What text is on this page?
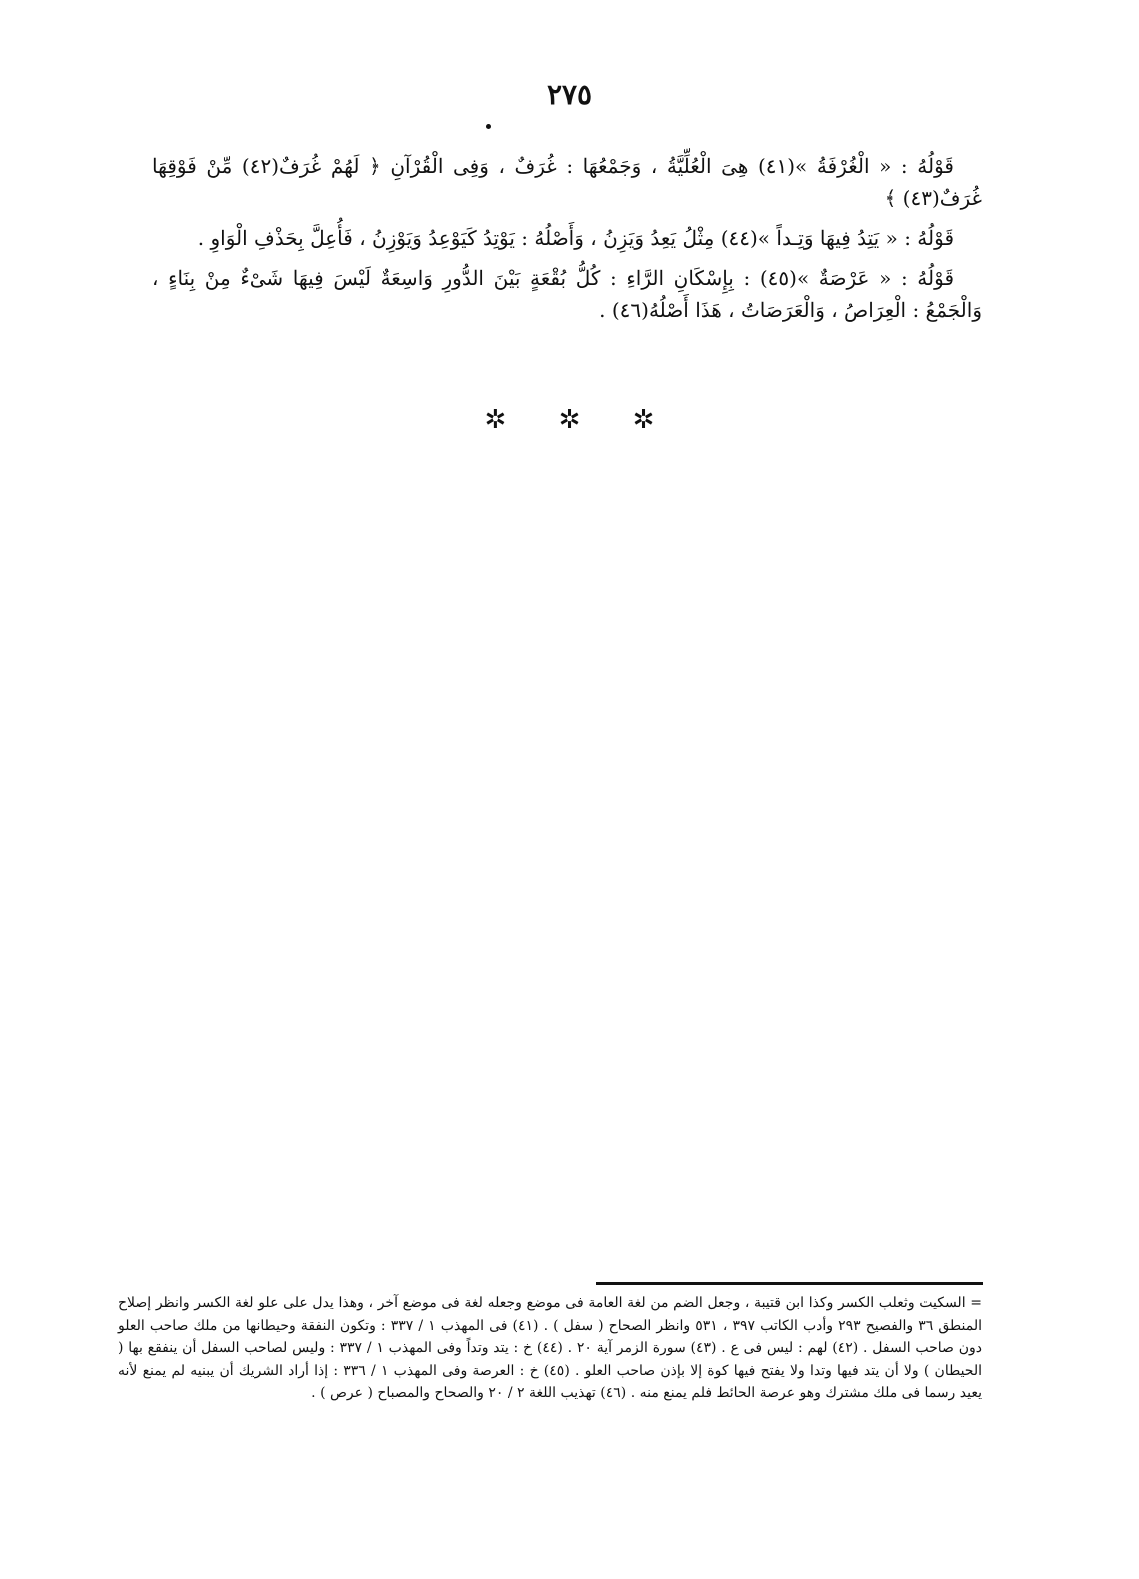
٢٧٥

قَوْلُهُ : « الْغُرْفَةُ »(٤١) هِىَ الْعُلِّيَّةُ ، وَجَمْعُهَا : غُرَفٌ ، وَفِى الْقُرْآنِ ﴿ لَهُمْ غُرَفٌ(٤٢) مِّنْ فَوْقِهَا غُرَفٌ(٤٣) ﴾

قَوْلُهُ : « يَتِدُ فِيهَا وَتِـداً »(٤٤) مِثْلُ يَعِدُ وَيَزِنُ ، وَأَصْلُهُ : يَوْتِدُ كَيَوْعِدُ وَيَوْزِنُ ، فَأُعِلَّ بِحَذْفِ الْوَاوِ .

قَوْلُهُ : « عَرْصَةٌ »(٤٥) : بِإِسْكَانِ الرَّاءِ : كُلُّ بُقْعَةٍ بَيْنَ الدُّورِ وَاسِعَةٌ لَيْسَ فِيهَا شَىْءٌ مِنْ بِنَاءٍ ، وَالْجَمْعُ : الْعِرَاصُ ، وَالْعَرَصَاتُ ، هَذَا أَصْلُهُ(٤٦) .

✲ ✲ ✲

= السكيت وثعلب الكسر وكذا ابن قتيبة ، وجعل الضم من لغة العامة فى موضع وجعله لغة فى موضع آخر ، وهذا يدل على علو لغة الكسر وانظر إصلاح المنطق ٣٦ والفصيح ٢٩٣ وأدب الكاتب ٣٩٧ ، ٥٣١ وانظر الصحاح ( سفل ) . (٤١) فى المهذب ١ / ٣٣٧ : وتكون النفقة وحيطانها من ملك صاحب العلو دون صاحب السفل . (٤٢) لهم : ليس فى ع . (٤٣) سورة الزمر آية ٢٠ . (٤٤) خ : يتد وتداً وفى المهذب ١ / ٣٣٧ : وليس لصاحب السفل أن ينفقع بها ( الحيطان ) ولا أن يتد فيها وتدا ولا يفتح فيها كوة إلا بإذن صاحب العلو . (٤٥) خ : العرصة وفى المهذب ١ / ٣٣٦ : إذا أراد الشريك أن يبنيه لم يمنع لأنه يعيد رسما فى ملك مشترك وهو عرصة الحائط فلم يمنع منه . (٤٦) تهذيب اللغة ٢ / ٢٠ والصحاح والمصباح ( عرص ) .
